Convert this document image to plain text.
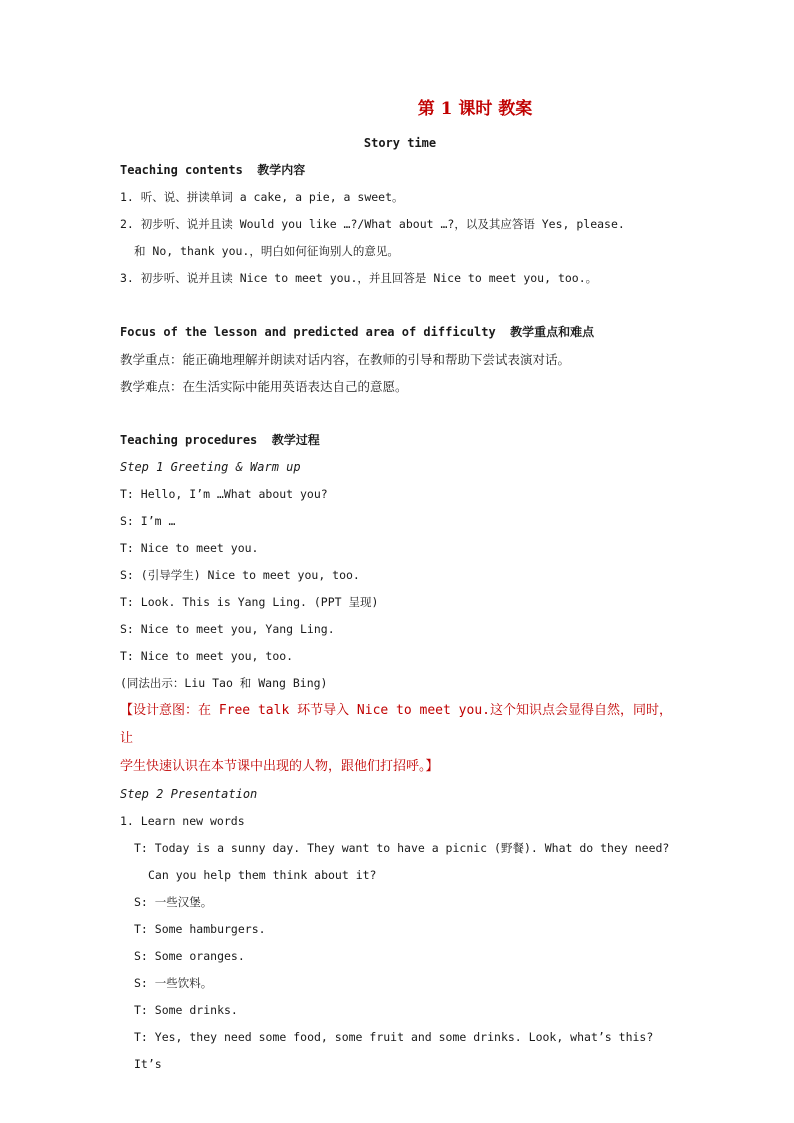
第 1 课时 教案

Story time

Teaching contents  教学内容

1. 听、说、拼读单词 a cake, a pie, a sweet。

2. 初步听、说并且读 Would you like …?/What about …?，以及其应答语 Yes, please.

和 No, thank you.，明白如何征询别人的意见。

3. 初步听、说并且读 Nice to meet you.，并且回答是 Nice to meet you, too.。

Focus of the lesson and predicted area of difficulty  教学重点和难点

教学重点：能正确地理解并朗读对话内容，在教师的引导和帮助下尝试表演对话。

教学难点：在生活实际中能用英语表达自己的意愿。

Teaching procedures  教学过程

Step 1 Greeting & Warm up

T: Hello, I’m …What about you?

S: I’m …

T: Nice to meet you.

S: (引导学生) Nice to meet you, too.

T: Look. This is Yang Ling. (PPT 呈现)

S: Nice to meet you, Yang Ling.

T: Nice to meet you, too.

(同法出示：Liu Tao 和 Wang Bing)

【设计意图：在 Free talk 环节导入 Nice to meet you.这个知识点会显得自然，同时，让

学生快速认识在本节课中出现的人物，跟他们打招呼。】

Step 2 Presentation

1. Learn new words

T: Today is a sunny day. They want to have a picnic (野餐). What do they need?

Can you help them think about it?

S: 一些汉堡。

T: Some hamburgers.

S: Some oranges.

S: 一些饮料。

T: Some drinks.

T: Yes, they need some food, some fruit and some drinks. Look, what’s this? It’s
